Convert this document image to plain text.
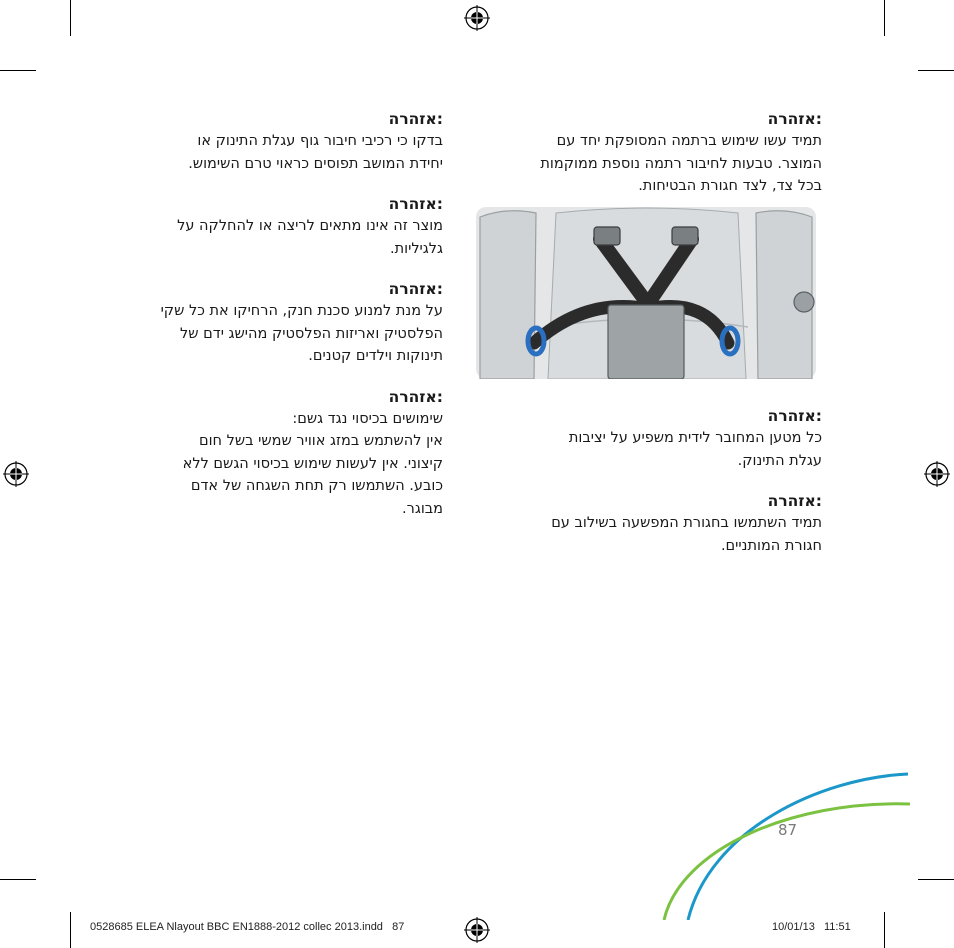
:אזהרה
תמיד עשו שימוש ברתמה המסופקת יחד עם
המוצר. טבעות לחיבור רתמה נוספת ממוקמות
בכל צד, לצד חגורת הבטיחות.
:אזהרה
כל מטען המחובר לידית משפיע על יציבות
עגלת התינוק.
:אזהרה
תמיד השתמשו בחגורת המפשעה בשילוב עם
חגורת המותניים.
:אזהרה
בדקו כי רכיבי חיבור גוף עגלת התינוק או
יחידת המושב תפוסים כראוי טרם השימוש.
:אזהרה
מוצר זה אינו מתאים לריצה או להחלקה על
גלגיליות.
:אזהרה
על מנת למנוע סכנת חנק, הרחיקו את כל שקי
הפלסטיק ואריזות הפלסטיק מהישג ידם של
תינוקות וילדים קטנים.
:אזהרה
שימושים בכיסוי נגד גשם:
אין להשתמש במזג אוויר שמשי בשל חום
קיצוני. אין לעשות שימוש בכיסוי הגשם ללא
כובע. השתמשו רק תחת השגחה של אדם
מבוגר.
87
0528685 ELEA Nlayout BBC EN1888-2012 collec 2013.indd   87	10/01/13   11:51
